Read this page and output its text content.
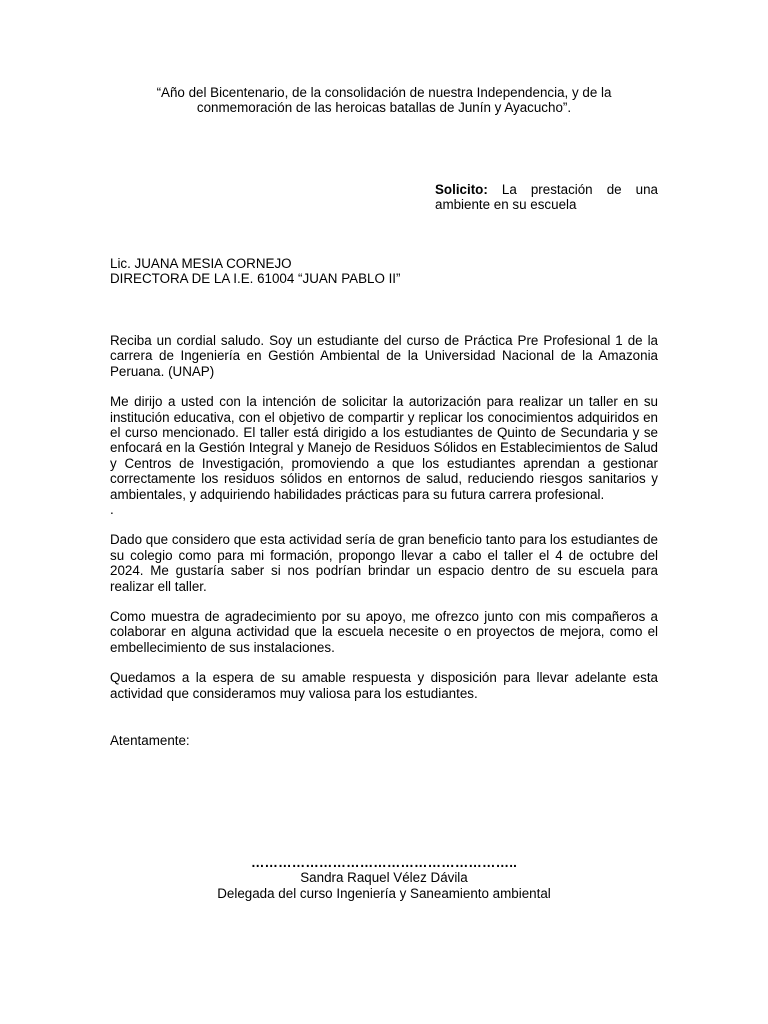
“Año del Bicentenario, de la consolidación de nuestra Independencia, y de la
conmemoración de las heroicas batallas de Junín y Ayacucho”.
Solicito: La prestación de una ambiente en su escuela
Lic. JUANA MESIA CORNEJO
DIRECTORA DE LA I.E. 61004 “JUAN PABLO II”

Reciba un cordial saludo. Soy un estudiante del curso de Práctica Pre Profesional 1 de la carrera de Ingeniería en Gestión Ambiental de la Universidad Nacional de la Amazonia Peruana. (UNAP)

Me dirijo a usted con la intención de solicitar la autorización para realizar un taller en su institución educativa, con el objetivo de compartir y replicar los conocimientos adquiridos en el curso mencionado. El taller está dirigido a los estudiantes de Quinto de Secundaria y se enfocará en la Gestión Integral y Manejo de Residuos Sólidos en Establecimientos de Salud y Centros de Investigación, promoviendo a que los estudiantes aprendan a gestionar correctamente los residuos sólidos en entornos de salud, reduciendo riesgos sanitarios y ambientales, y adquiriendo habilidades prácticas para su futura carrera profesional.

.

Dado que considero que esta actividad sería de gran beneficio tanto para los estudiantes de su colegio como para mi formación, propongo llevar a cabo el taller el 4 de octubre del 2024. Me gustaría saber si nos podrían brindar un espacio dentro de su escuela para realizar ell taller.

Como muestra de agradecimiento por su apoyo, me ofrezco junto con mis compañeros a colaborar en alguna actividad que la escuela necesite o en proyectos de mejora, como el embellecimiento de sus instalaciones.

Quedamos a la espera de su amable respuesta y disposición para llevar adelante esta actividad que consideramos muy valiosa para los estudiantes.

Atentamente:
…………………………………………………..
Sandra Raquel Vélez Dávila
Delegada del curso Ingeniería y Saneamiento ambiental
